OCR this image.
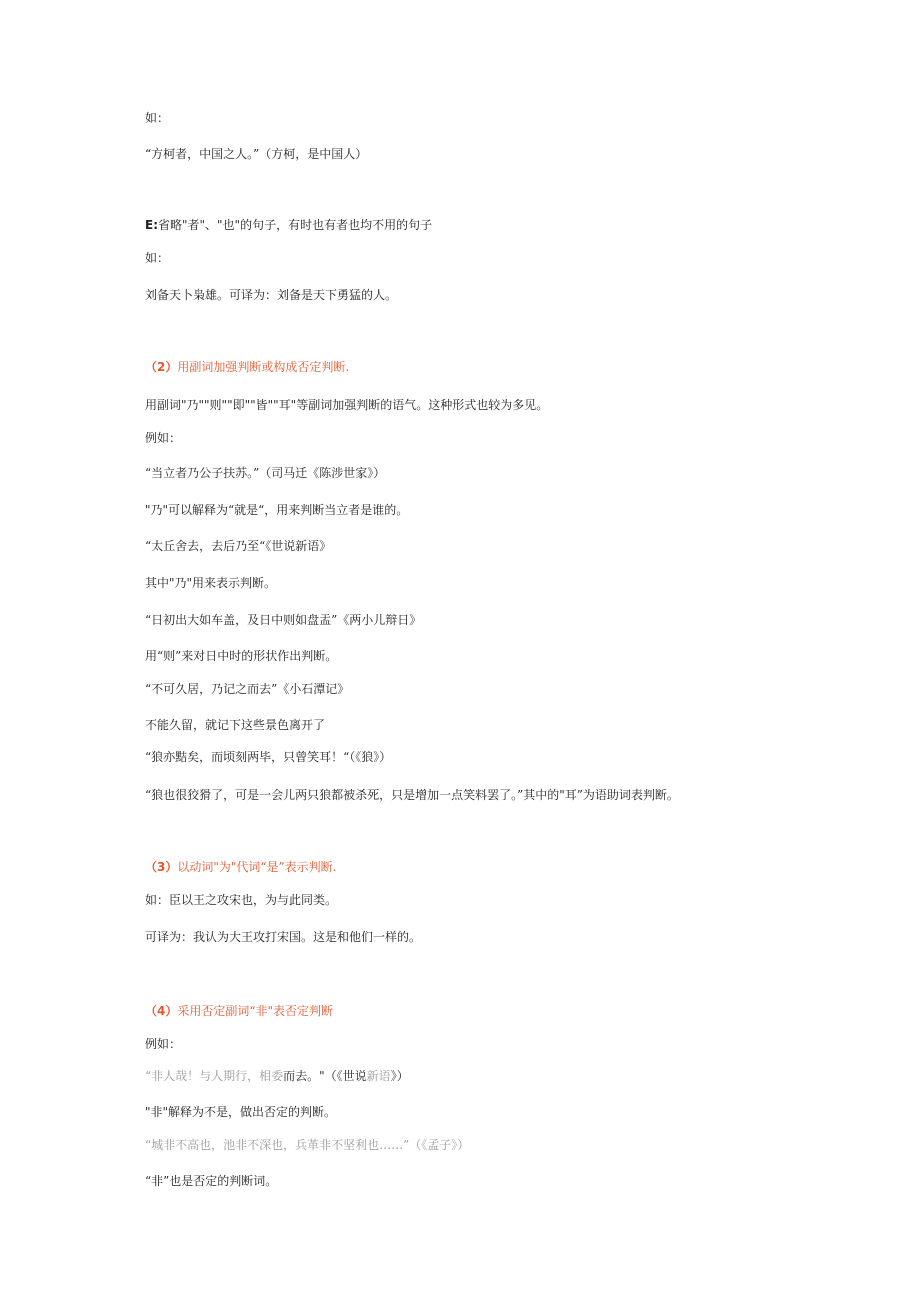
如：
“方柯者，中国之人。”（方柯，是中国人）
E:省略"者"、"也"的句子，有时也有者也均不用的句子
如：
刘备天卜枭雄。可译为：刘备是天下勇猛的人。
（2）用副词加强判断或构成否定判断.
用副词"乃""则""即""皆""耳"等副词加强判断的语气。这种形式也较为多见。
例如：
“当立者乃公子扶苏。”（司马迁《陈涉世家》）
"乃"可以解释为“就是“，用来判断当立者是谁的。
“太丘舍去，去后乃至“《世说新语》
其中"乃"用来表示判断。
“日初出大如车盖，及日中则如盘盂”《两小儿辩日》
用“则”来对日中时的形状作出判断。
“不可久居，乃记之而去”《小石潭记》
不能久留，就记下这些景色离开了
“狼亦黠矣，而顷刻两毕，只曾笑耳！“（《狼》）
“狼也很狡猾了，可是一会儿两只狼都被杀死，只是增加一点笑料罢了。”其中的"耳”为语助词表判断。
（3）以动词"为"代词“是”表示判断.
如：臣以王之攻宋也，为与此同类。
可译为：我认为大王攻打宋国。这是和他们一样的。
（4）采用否定副词“非"表否定判断
例如：
“非人哉！与人期行，相委而去。"（《世说新语》）
"非"解释为不是，做出否定的判断。
“城非不高也，池非不深也，兵革非不坚利也……”（《孟子》）
“非”也是否定的判断词。
